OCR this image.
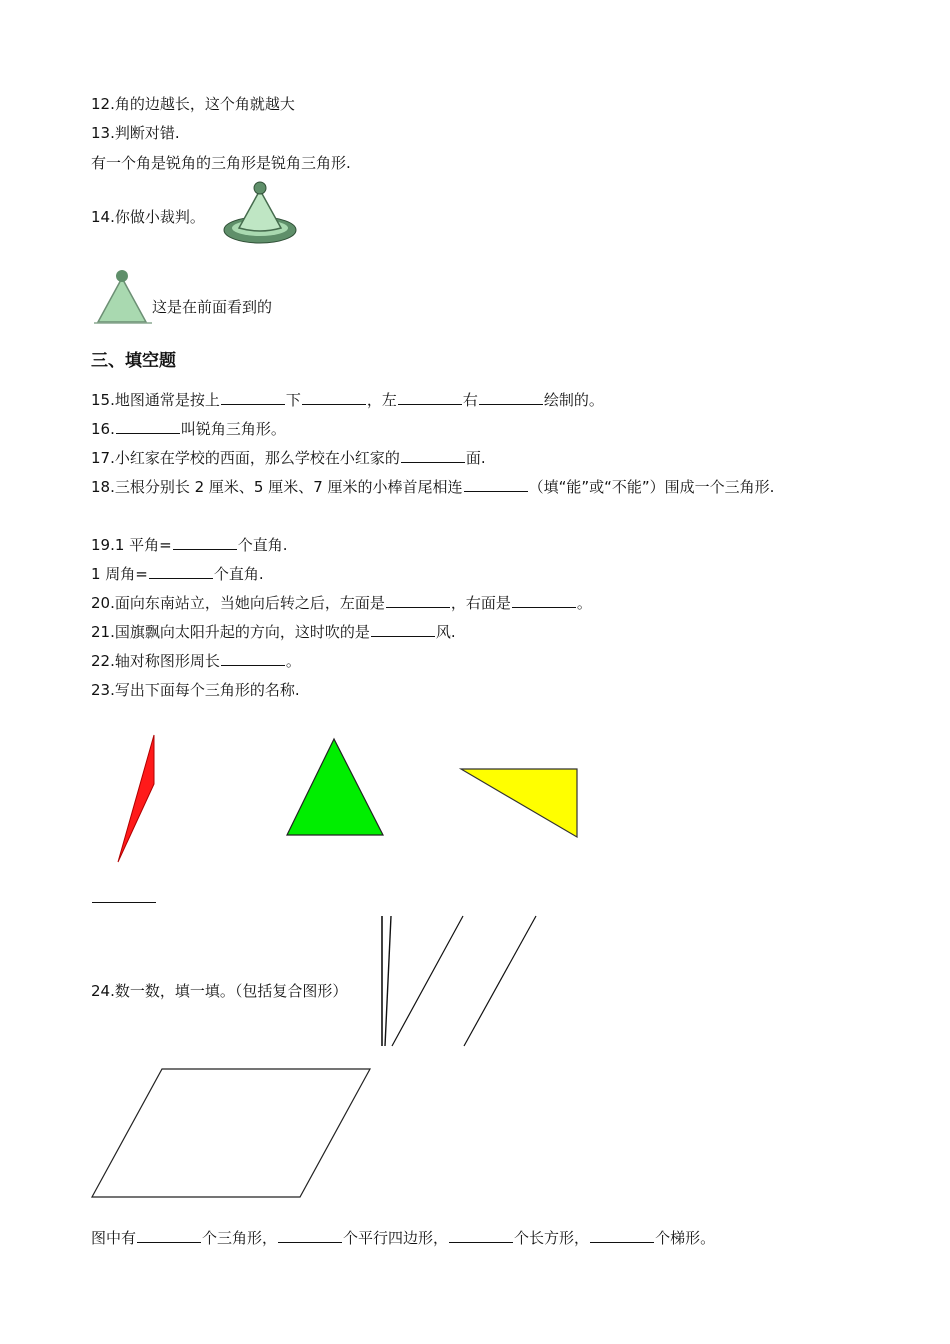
12.角的边越长，这个角就越大
13.判断对错.
有一个角是锐角的三角形是锐角三角形.
14.你做小裁判。
这是在前面看到的
三、填空题
15.地图通常是按上	下	，左	右	绘制的。
16.	叫锐角三角形。
17.小红家在学校的西面，那么学校在小红家的	面.
18.三根分别长 2 厘米、5 厘米、7 厘米的小棒首尾相连	（填“能”或“不能”）围成一个三角形.
19.1 平角=	个直角.
1 周角=	个直角.
20.面向东南站立，当她向后转之后，左面是	，右面是	。
21.国旗飘向太阳升起的方向，这时吹的是	风.
22.轴对称图形周长	。
23.写出下面每个三角形的名称.
24.数一数，填一填。（包括复合图形）
图中有	个三角形，	个平行四边形，	个长方形，	个梯形。
